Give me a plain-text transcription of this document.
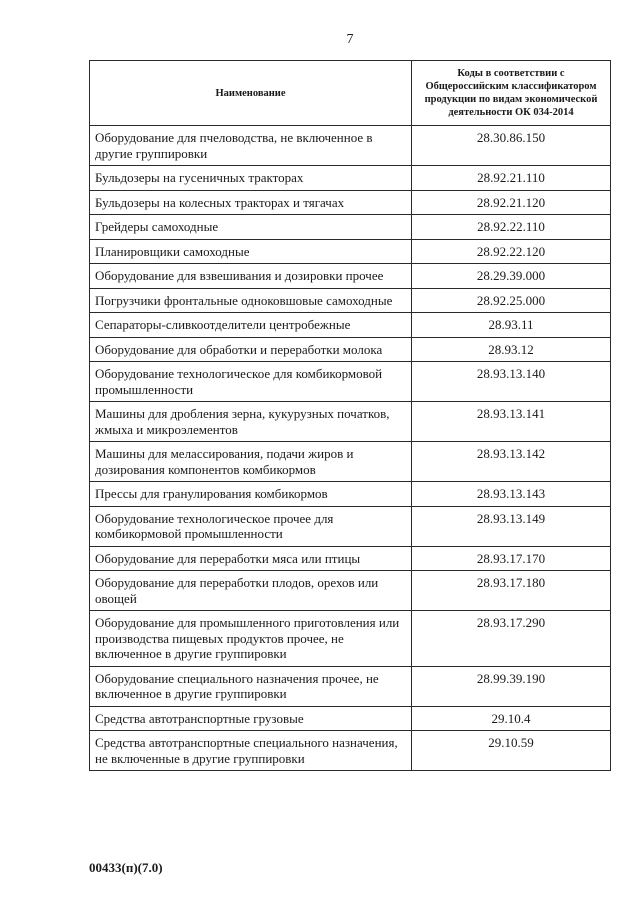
7
Наименование	Коды в соответствии с Общероссийским классификатором продукции по видам экономической деятельности ОК 034-2014
Оборудование для пчеловодства, не включенное в другие группировки	28.30.86.150
Бульдозеры на гусеничных тракторах	28.92.21.110
Бульдозеры на колесных тракторах и тягачах	28.92.21.120
Грейдеры самоходные	28.92.22.110
Планировщики самоходные	28.92.22.120
Оборудование для взвешивания и дозировки прочее	28.29.39.000
Погрузчики фронтальные одноковшовые самоходные	28.92.25.000
Сепараторы-сливкоотделители центробежные	28.93.11
Оборудование для обработки и переработки молока	28.93.12
Оборудование технологическое для комбикормовой промышленности	28.93.13.140
Машины для дробления зерна, кукурузных початков, жмыха и микроэлементов	28.93.13.141
Машины для мелассирования, подачи жиров и дозирования компонентов комбикормов	28.93.13.142
Прессы для гранулирования комбикормов	28.93.13.143
Оборудование технологическое прочее для комбикормовой промышленности	28.93.13.149
Оборудование для переработки мяса или птицы	28.93.17.170
Оборудование для переработки плодов, орехов или овощей	28.93.17.180
Оборудование для промышленного приготовления или производства пищевых продуктов прочее, не включенное в другие группировки	28.93.17.290
Оборудование специального назначения прочее, не включенное в другие группировки	28.99.39.190
Средства автотранспортные грузовые	29.10.4
Средства автотранспортные специального назначения, не включенные в другие группировки	29.10.59
00433(п)(7.0)
